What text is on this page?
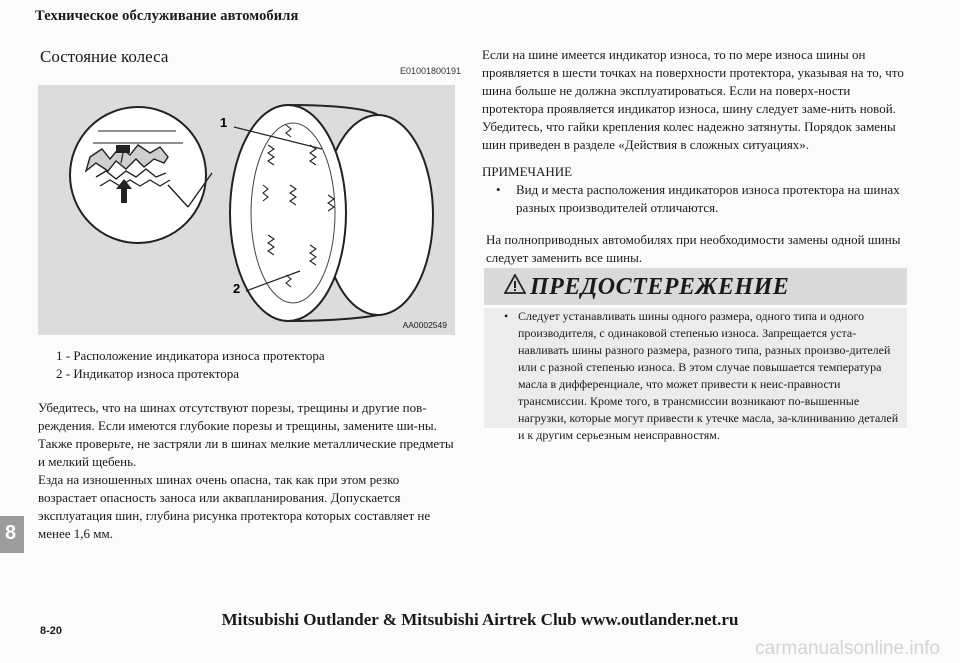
Техническое обслуживание автомобиля
Состояние колеса
E01001800191
1
2
AA0002549
1 - Расположение индикатора износа протектора
2 - Индикатор износа протектора

Убедитесь, что на шинах отсутствуют порезы, трещины и другие пов-реждения. Если имеются глубокие порезы и трещины, замените ши-ны. Также проверьте, не застряли ли в шинах мелкие металлические предметы и мелкий щебень.

Езда на изношенных шинах очень опасна, так как при этом резко возрастает опасность заноса или аквапланирования. Допускается эксплуатация шин, глубина рисунка протектора которых составляет не менее 1,6 мм.

Если на шине имеется индикатор износа, то по мере износа шины он проявляется в шести точках на поверхности протектора, указывая на то, что шина больше не должна эксплуатироваться. Если на поверх-ности протектора проявляется индикатор износа, шину следует заме-нить новой.

Убедитесь, что гайки крепления колес надежно затянуты. Порядок замены шин приведен в разделе «Действия в сложных ситуациях».

ПРИМЕЧАНИЕ

•	Вид и места расположения индикаторов износа протектора на шинах разных производителей отличаются.

На полноприводных автомобилях при необходимости замены одной шины следует заменить все шины.

ПРЕДОСТЕРЕЖЕНИЕ
• Следует устанавливать шины одного размера, одного типа и одного производителя, с одинаковой степенью износа. Запрещается уста-навливать шины разного размера, разного типа, разных произво-дителей или с разной степенью износа. В этом случае повышается температура масла в дифференциале, что может привести к неис-правности трансмиссии. Кроме того, в трансмиссии возникают по-вышенные нагрузки, которые могут привести к утечке масла, за-клиниванию деталей и к другим серьезным неисправностям.
8
Mitsubishi Outlander & Mitsubishi Airtrek Club www.outlander.net.ru
8-20
carmanualsonline.info
